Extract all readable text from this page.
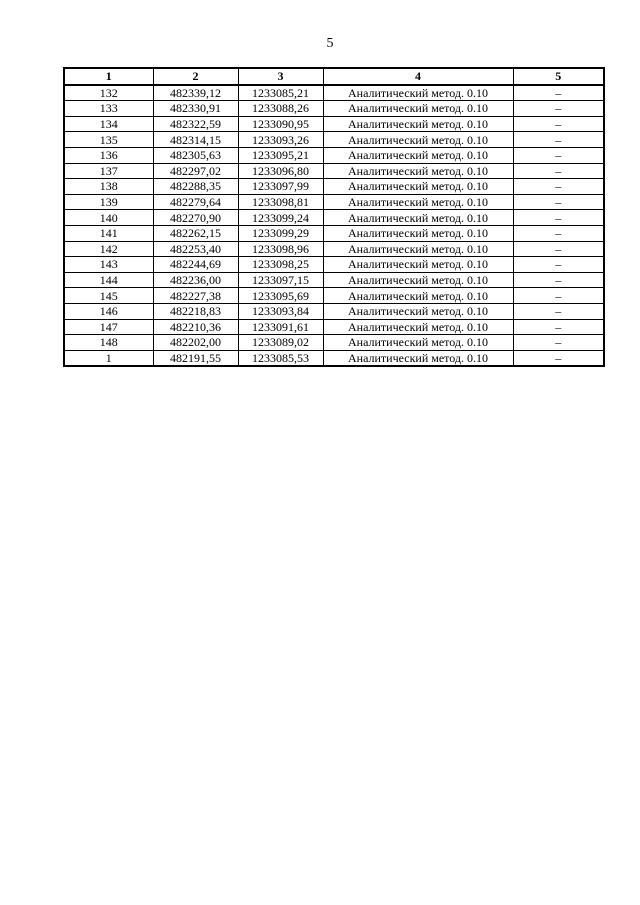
5
1	2	3	4	5
132	482339,12	1233085,21	Аналитический метод. 0.10	–
133	482330,91	1233088,26	Аналитический метод. 0.10	–
134	482322,59	1233090,95	Аналитический метод. 0.10	–
135	482314,15	1233093,26	Аналитический метод. 0.10	–
136	482305,63	1233095,21	Аналитический метод. 0.10	–
137	482297,02	1233096,80	Аналитический метод. 0.10	–
138	482288,35	1233097,99	Аналитический метод. 0.10	–
139	482279,64	1233098,81	Аналитический метод. 0.10	–
140	482270,90	1233099,24	Аналитический метод. 0.10	–
141	482262,15	1233099,29	Аналитический метод. 0.10	–
142	482253,40	1233098,96	Аналитический метод. 0.10	–
143	482244,69	1233098,25	Аналитический метод. 0.10	–
144	482236,00	1233097,15	Аналитический метод. 0.10	–
145	482227,38	1233095,69	Аналитический метод. 0.10	–
146	482218,83	1233093,84	Аналитический метод. 0.10	–
147	482210,36	1233091,61	Аналитический метод. 0.10	–
148	482202,00	1233089,02	Аналитический метод. 0.10	–
1	482191,55	1233085,53	Аналитический метод. 0.10	–
